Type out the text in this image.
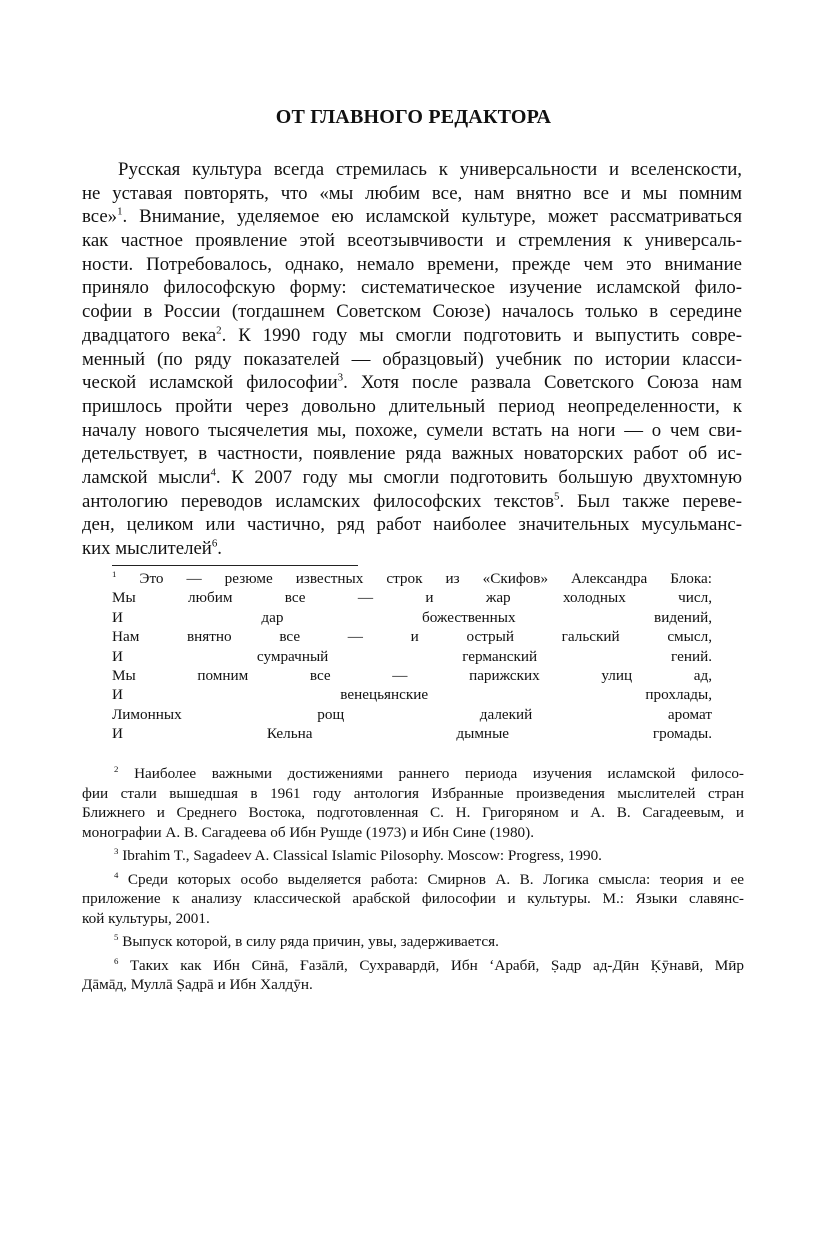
ОТ ГЛАВНОГО РЕДАКТОРА
Русская культура всегда стремилась к универсальности и вселенскости,
не уставая повторять, что «мы любим все, нам внятно все и мы помним
все»$^1$. Внимание, уделяемое ею исламской культуре, может рассматриваться
как частное проявление этой всеотзывчивости и стремления к универсаль-
ности. Потребовалось, однако, немало времени, прежде чем это внимание
приняло философскую форму: систематическое изучение исламской фило-
софии в России (тогдашнем Советском Союзе) началось только в середине
двадцатого века$^2$. К 1990 году мы смогли подготовить и выпустить совре-
менный (по ряду показателей — образцовый) учебник по истории класси-
ческой исламской философии$^3$. Хотя после развала Советского Союза нам
пришлось пройти через довольно длительный период неопределенности, к
началу нового тысячелетия мы, похоже, сумели встать на ноги — о чем сви-
детельствует, в частности, появление ряда важных новаторских работ об ис-
ламской мысли$^4$. К 2007 году мы смогли подготовить большую двухтомную
антологию переводов исламских философских текстов$^5$. Был также переве-
ден, целиком или частично, ряд работ наиболее значительных мусульманс-
ких мыслителей$^6$.
$^1$ Это — резюме известных строк из «Скифов» Александра Блока:
Мы любим все — и жар холодных числ,
И дар божественных видений,
Нам внятно все — и острый гальский смысл,
И сумрачный германский гений.
Мы помним все — парижских улиц ад,
И венецьянские прохлады,
Лимонных рощ далекий аромат
И Кельна дымные громады.
$^2$ Наиболее важными достижениями раннего периода изучения исламской филосо-
фии стали вышедшая в 1961 году антология Избранные произведения мыслителей стран
Ближнего и Среднего Востока, подготовленная С. Н. Григоряном и А. В. Сагадеевым, и
монографии А. В. Сагадеева об Ибн Рушде (1973) и Ибн Сине (1980).
$^3$ Ibrahim T., Sagadeev A. Classical Islamic Pilosophy. Moscow: Progress, 1990.
$^4$ Среди которых особо выделяется работа: Смирнов А. В. Логика смысла: теория и ее
приложение к анализу классической арабской философии и культуры. М.: Языки славянс-
кой культуры, 2001.
$^5$ Выпуск которой, в силу ряда причин, увы, задерживается.
$^6$ Таких как Ибн Сӣнā, Ғазāлӣ, Сухравардӣ, Ибн ʻАрабӣ, Ṣадр ад-Дӣн Ḳӯнавӣ, Мӣр
Дāмāд, Муллā Ṣадрā и Ибн Халдӯн.
